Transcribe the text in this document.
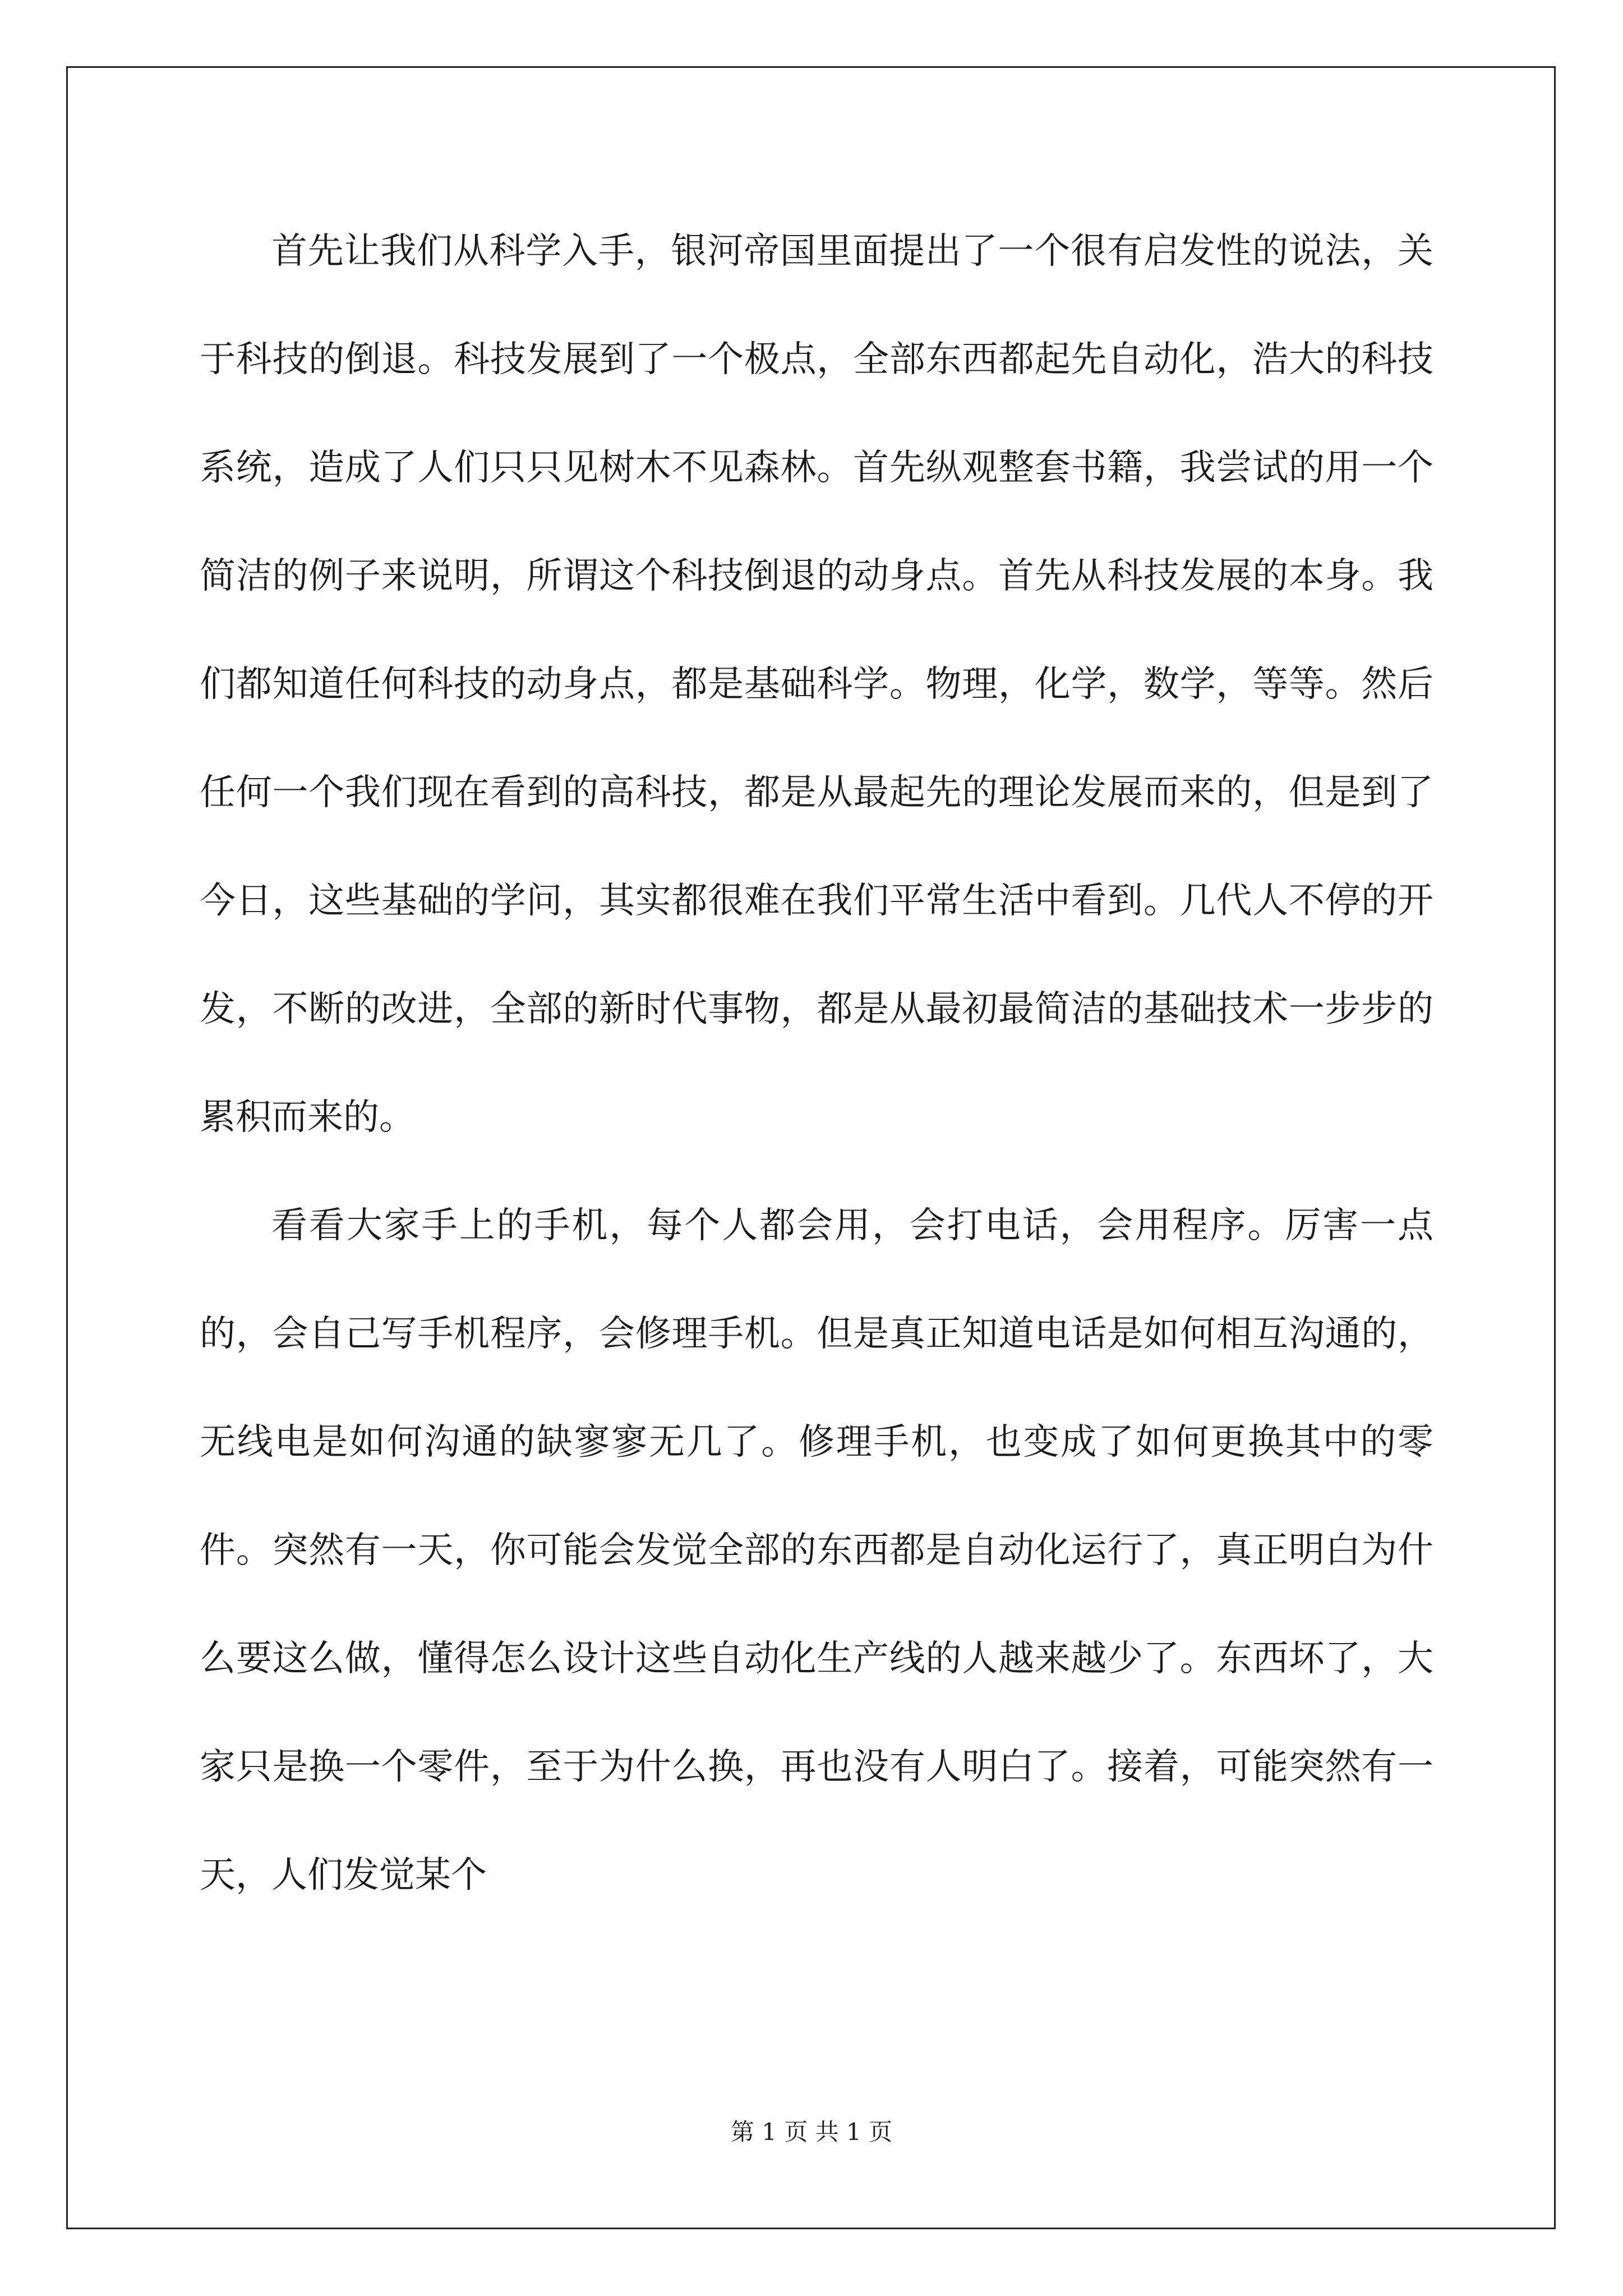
首先让我们从科学入手，银河帝国里面提出了一个很有启发性的说法，关于科技的倒退。科技发展到了一个极点，全部东西都起先自动化，浩大的科技系统，造成了人们只只见树木不见森林。首先纵观整套书籍，我尝试的用一个简洁的例子来说明，所谓这个科技倒退的动身点。首先从科技发展的本身。我们都知道任何科技的动身点，都是基础科学。物理，化学，数学，等等。然后任何一个我们现在看到的高科技，都是从最起先的理论发展而来的，但是到了今日，这些基础的学问，其实都很难在我们平常生活中看到。几代人不停的开发，不断的改进，全部的新时代事物，都是从最初最简洁的基础技术一步步的累积而来的。

看看大家手上的手机，每个人都会用，会打电话，会用程序。厉害一点的，会自己写手机程序，会修理手机。但是真正知道电话是如何相互沟通的，无线电是如何沟通的缺寥寥无几了。修理手机，也变成了如何更换其中的零件。突然有一天，你可能会发觉全部的东西都是自动化运行了，真正明白为什么要这么做，懂得怎么设计这些自动化生产线的人越来越少了。东西坏了，大家只是换一个零件，至于为什么换，再也没有人明白了。接着，可能突然有一天，人们发觉某个

第 1 页 共 1 页
